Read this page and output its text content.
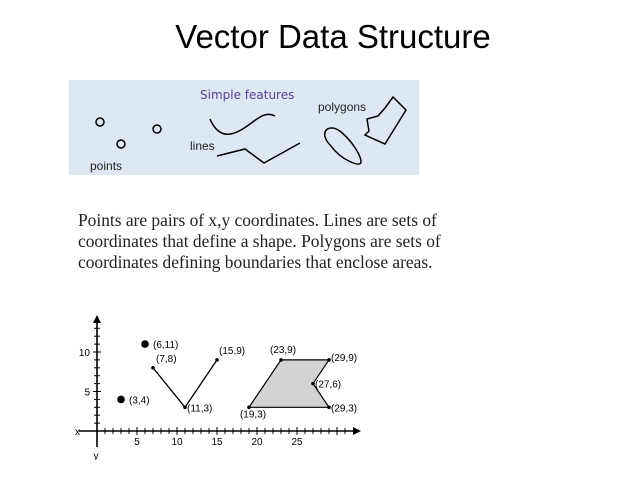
Vector Data Structure
Simple features
points
lines
polygons
Points are pairs of x,y coordinates. Lines are sets of
coordinates that define a shape. Polygons are sets of
coordinates defining boundaries that enclose areas.
5	10	15	20	25
5
10
x
y
(6,11)
(3,4)
(7,8)
(11,3)
(15,9) (23,9)
(29,9)
(27,6)
(29,3)
(19,3)
